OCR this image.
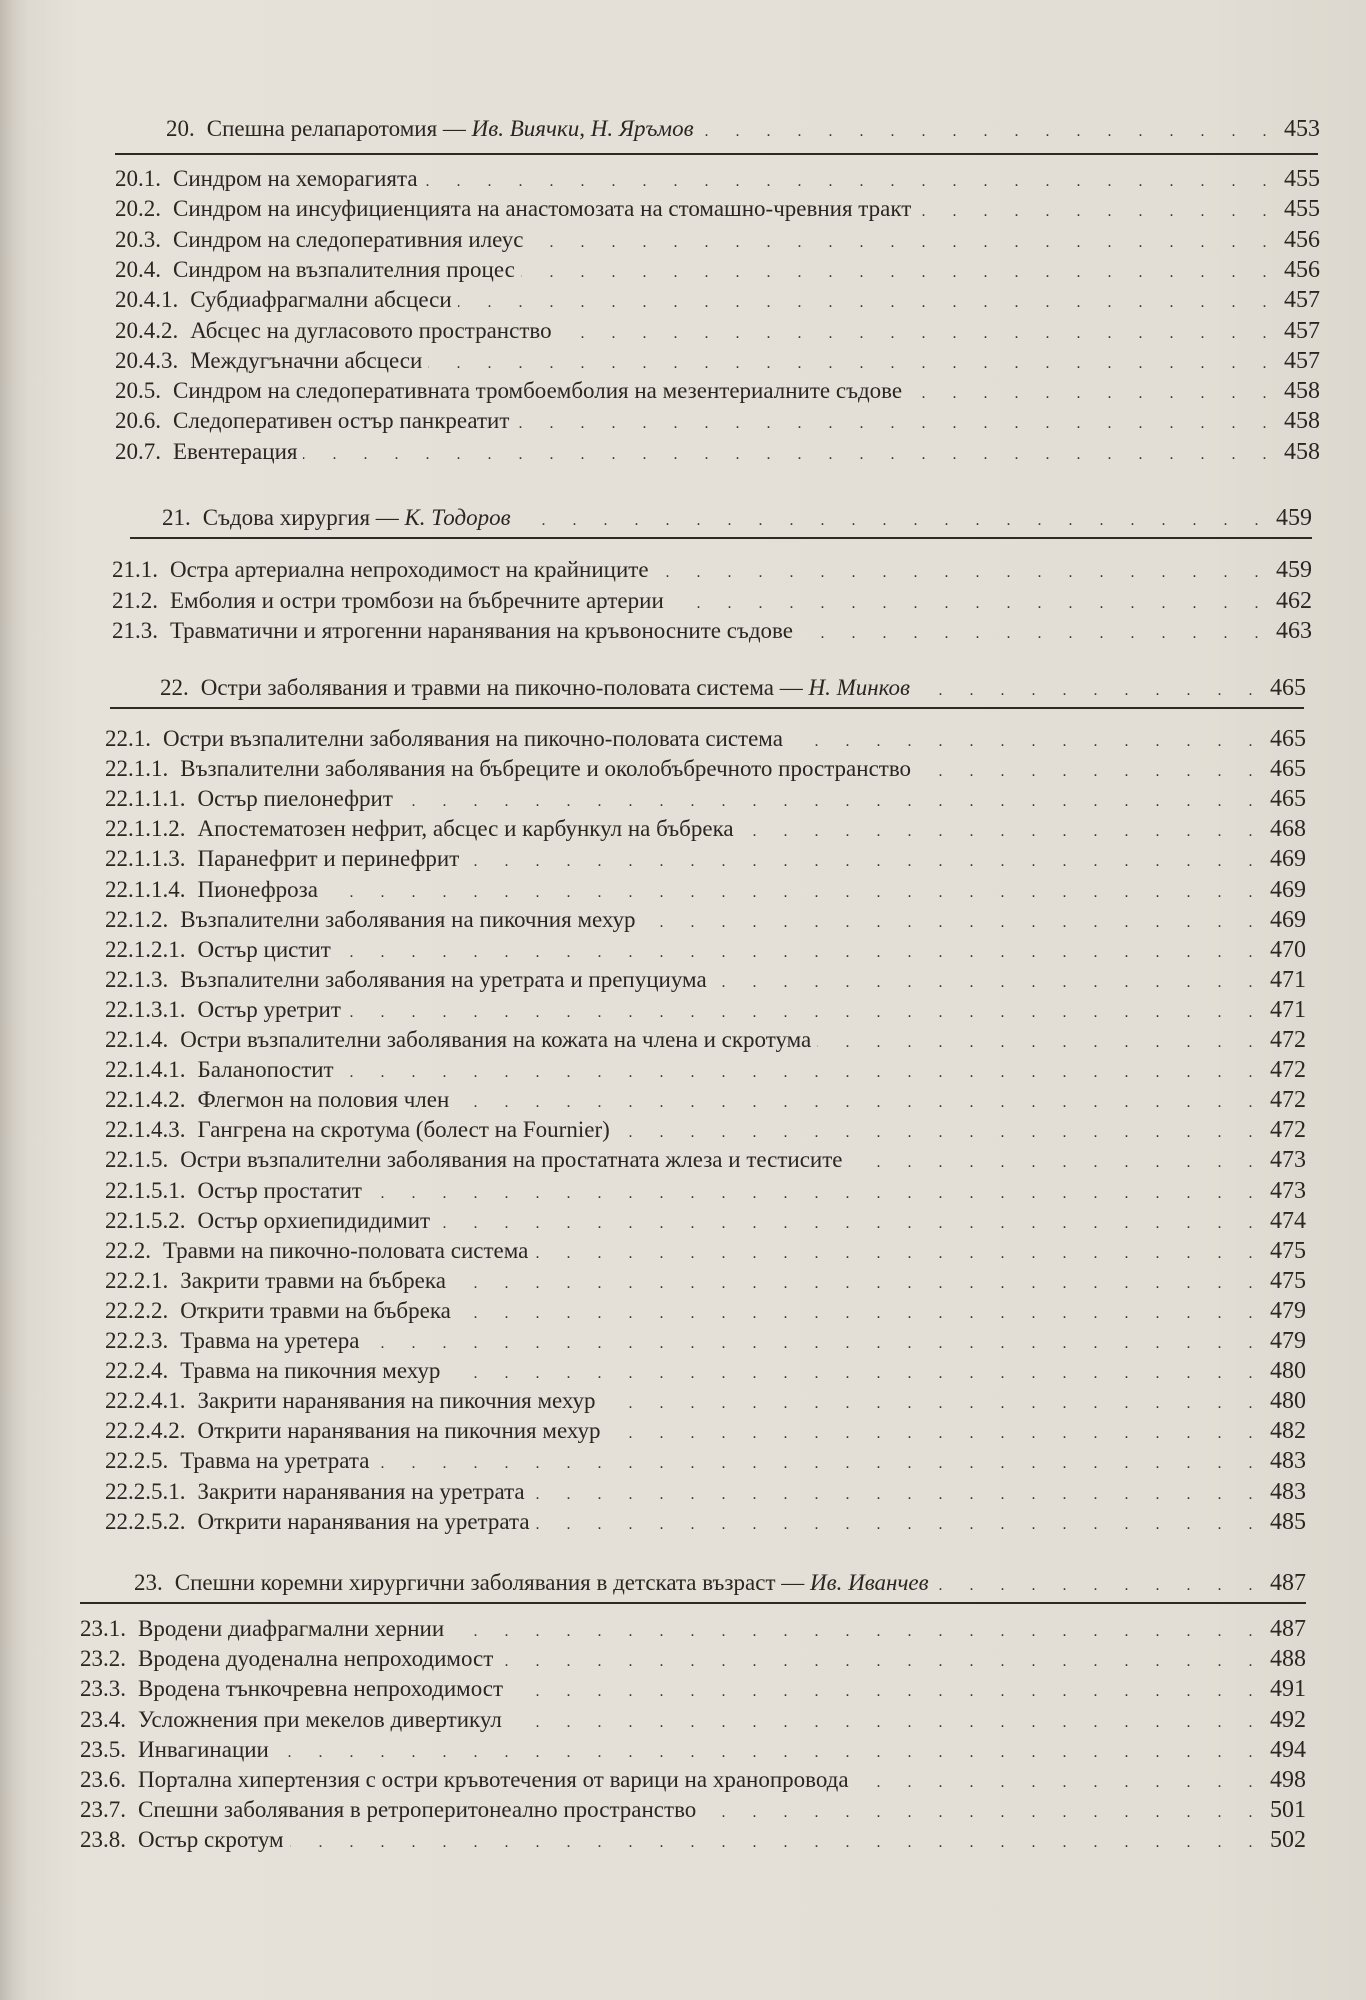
20. Спешна релапаротомия — Ив. Виячки, Н. Яръмов . . .	453
20.1. Синдром на хеморагията . . .	455
20.2. Синдром на инсуфициенцията на анастомозата на стомашно-чревния тракт . . .	455
20.3. Синдром на следоперативния илеус . . .	456
20.4. Синдром на възпалителния процес . . .	456
20.4.1. Субдиафрагмални абсцеси . . .	457
20.4.2. Абсцес на дугласовото пространство . . .	457
20.4.3. Междугъначни абсцеси . . .	457
20.5. Синдром на следоперативната тромбоемболия на мезентериалните съдове . . .	458
20.6. Следоперативен остър панкреатит . . .	458
20.7. Евентерация . . .	458
21. Съдова хирургия — К. Тодоров . . .	459
21.1. Остра артериална непроходимост на крайниците . . .	459
21.2. Емболия и остри тромбози на бъбречните артерии . . .	462
21.3. Травматични и ятрогенни наранявания на кръвоносните съдове . . .	463
22. Остри заболявания и травми на пикочно-половата система — Н. Минков . . .	465
22.1. Остри възпалителни заболявания на пикочно-половата система . . .	465
22.1.1. Възпалителни заболявания на бъбреците и околобъбречното пространство . . .	465
22.1.1.1. Остър пиелонефрит . . .	465
22.1.1.2. Апостематозен нефрит, абсцес и карбункул на бъбрека . . .	468
22.1.1.3. Паранефрит и перинефрит . . .	469
22.1.1.4. Пионефроза . . .	469
22.1.2. Възпалителни заболявания на пикочния мехур . . .	469
22.1.2.1. Остър цистит . . .	470
22.1.3. Възпалителни заболявания на уретрата и препуциума . . .	471
22.1.3.1. Остър уретрит . . .	471
22.1.4. Остри възпалителни заболявания на кожата на члена и скротума . . .	472
22.1.4.1. Баланопостит . . .	472
22.1.4.2. Флегмон на половия член . . .	472
22.1.4.3. Гангрена на скротума (болест на Fournier) . . .	472
22.1.5. Остри възпалителни заболявания на простатната жлеза и тестисите . . .	473
22.1.5.1. Остър простатит . . .	473
22.1.5.2. Остър орхиепидидимит . . .	474
22.2. Травми на пикочно-половата система . . .	475
22.2.1. Закрити травми на бъбрека . . .	475
22.2.2. Открити травми на бъбрека . . .	479
22.2.3. Травма на уретера . . .	479
22.2.4. Травма на пикочния мехур . . .	480
22.2.4.1. Закрити наранявания на пикочния мехур . . .	480
22.2.4.2. Открити наранявания на пикочния мехур . . .	482
22.2.5. Травма на уретрата . . .	483
22.2.5.1. Закрити наранявания на уретрата . . .	483
22.2.5.2. Открити наранявания на уретрата . . .	485
23. Спешни коремни хирургични заболявания в детската възраст — Ив. Иванчев . . .	487
23.1. Вродени диафрагмални хернии . . .	487
23.2. Вродена дуоденална непроходимост . . .	488
23.3. Вродена тънкочревна непроходимост . . .	491
23.4. Усложнения при мекелов дивертикул . . .	492
23.5. Инвагинации . . .	494
23.6. Портална хипертензия с остри кръвотечения от варици на хранопровода . . .	498
23.7. Спешни заболявания в ретроперитонеално пространство . . .	501
23.8. Остър скротум . . .	502
